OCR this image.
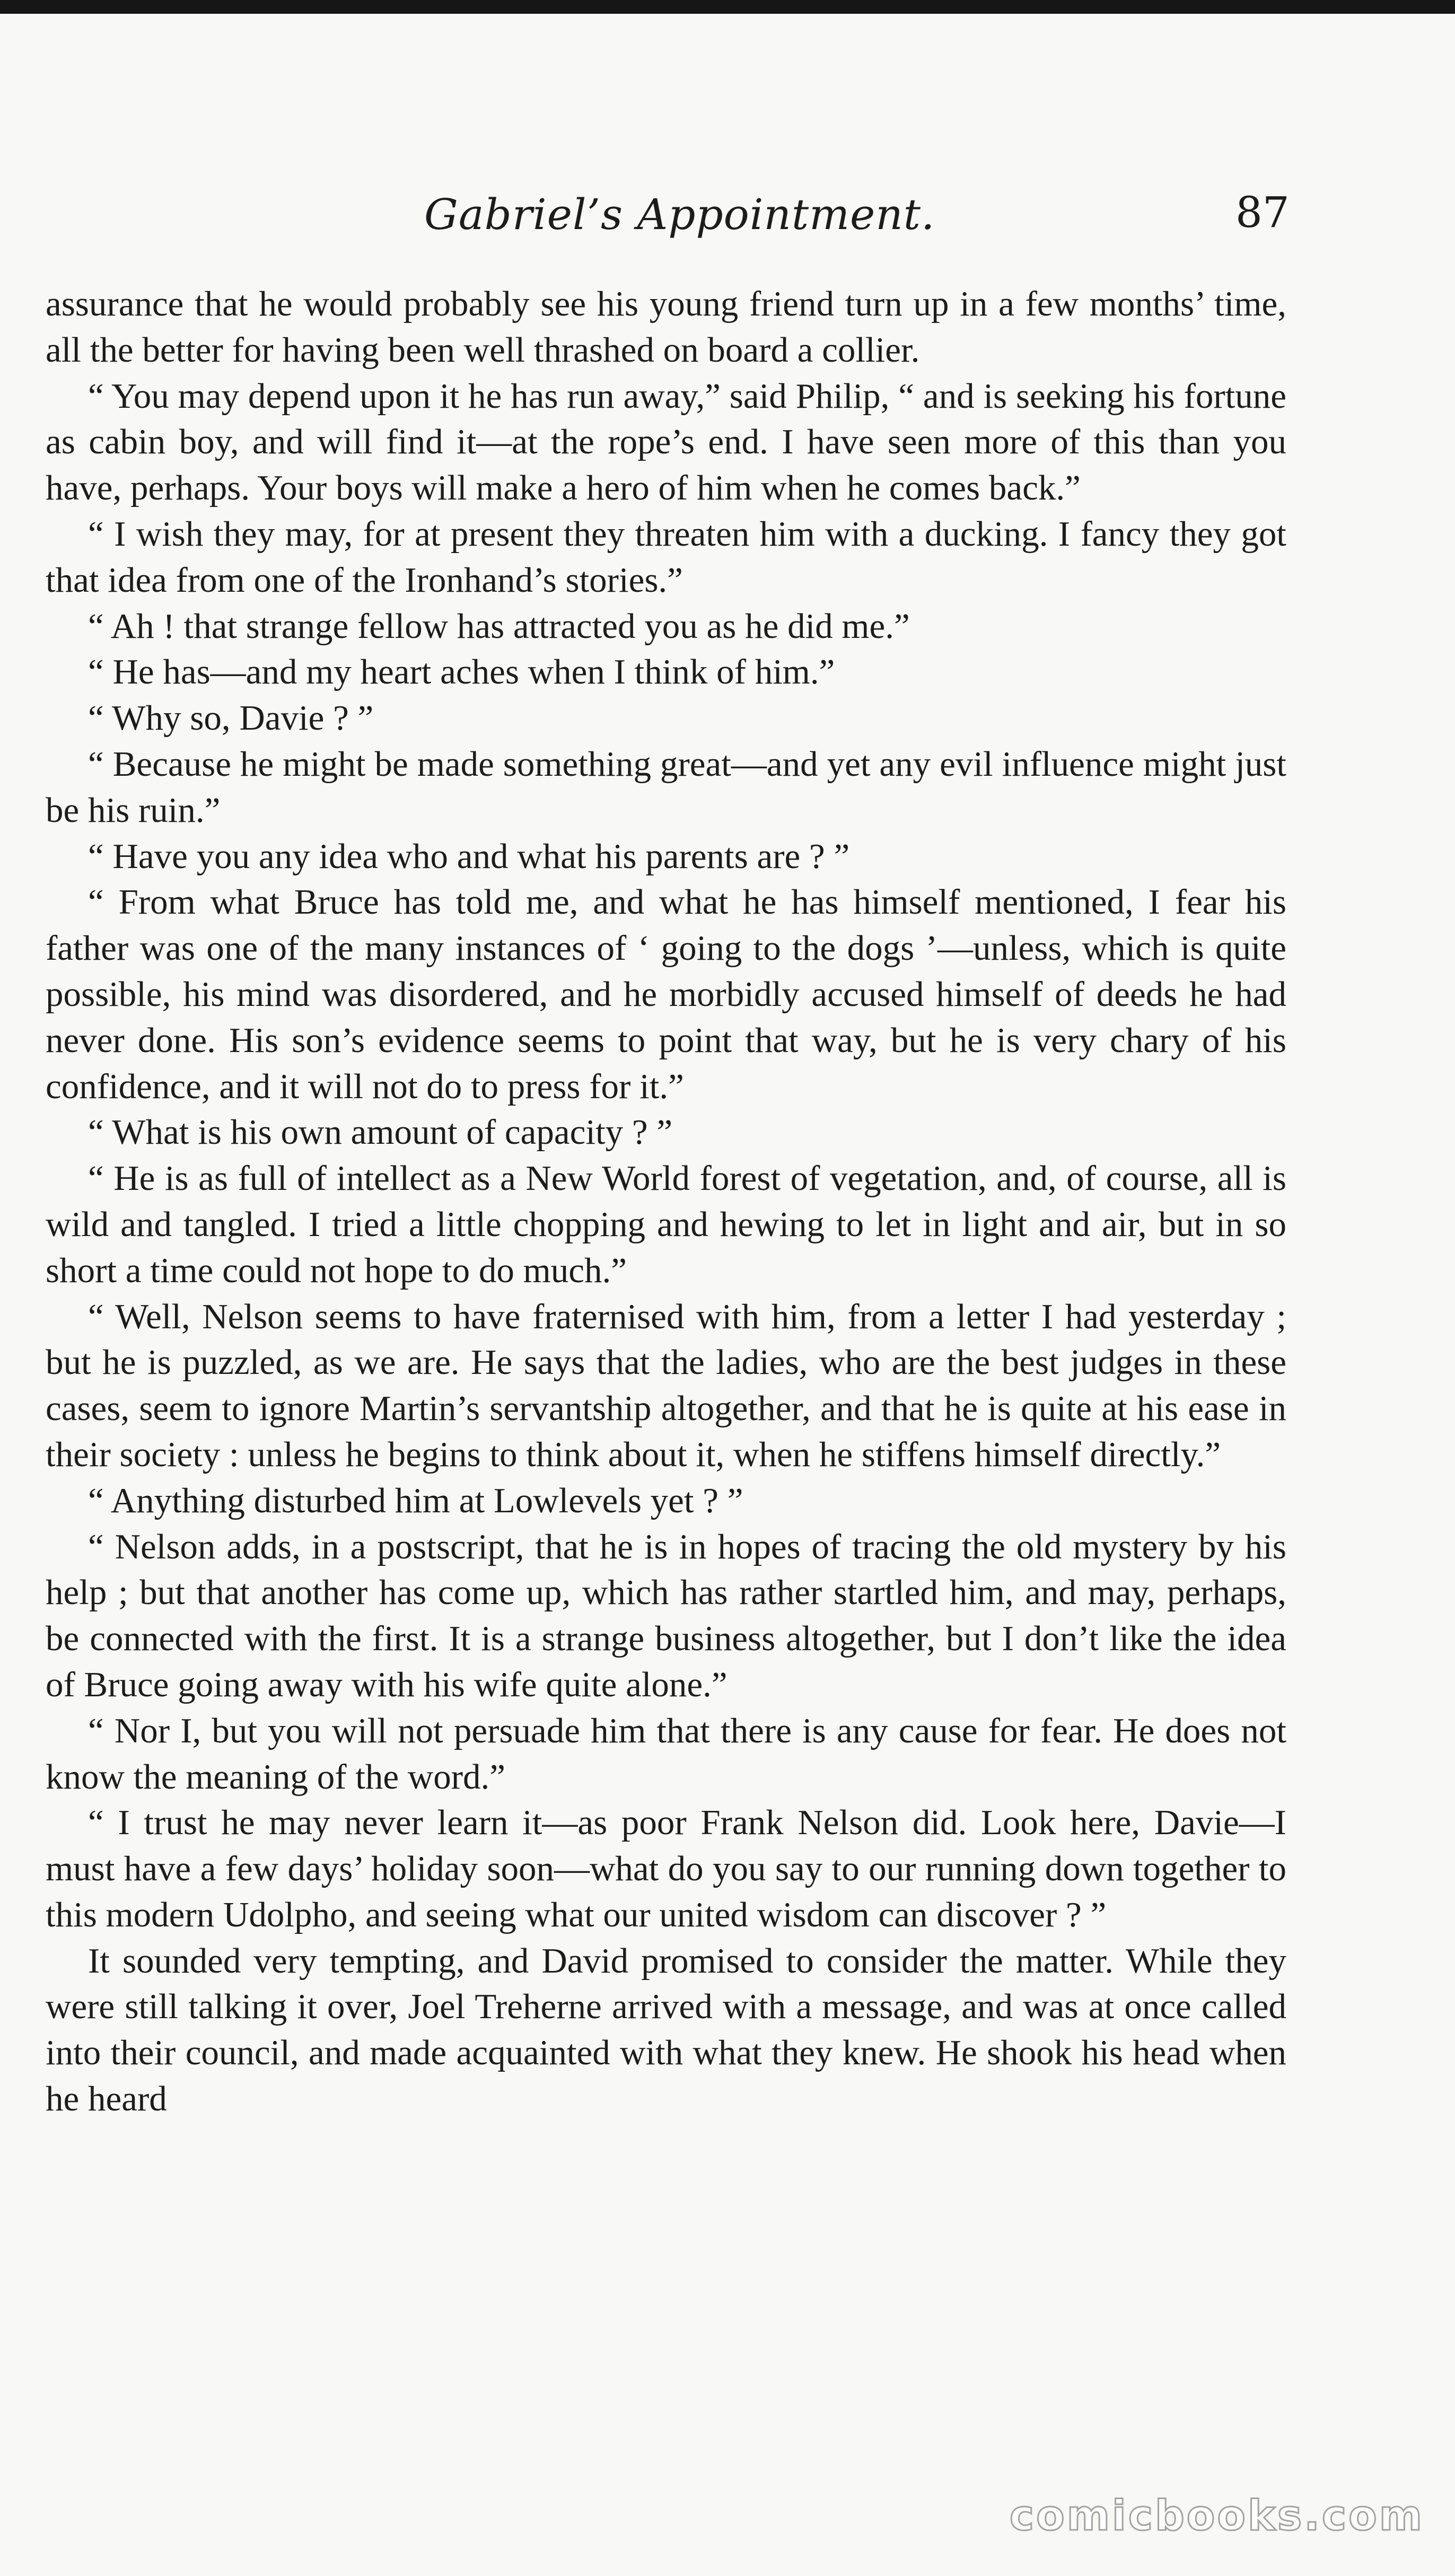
Gabriel’s Appointment.	87

assurance that he would probably see his young friend turn up in a few months’ time, all the better for having been well thrashed on board a collier.

“ You may depend upon it he has run away,” said Philip, “ and is seeking his fortune as cabin boy, and will find it—at the rope’s end. I have seen more of this than you have, perhaps. Your boys will make a hero of him when he comes back.”

“ I wish they may, for at present they threaten him with a ducking. I fancy they got that idea from one of the Ironhand’s stories.”

“ Ah ! that strange fellow has attracted you as he did me.”

“ He has—and my heart aches when I think of him.”

“ Why so, Davie ? ”

“ Because he might be made something great—and yet any evil influence might just be his ruin.”

“ Have you any idea who and what his parents are ? ”

“ From what Bruce has told me, and what he has himself mentioned, I fear his father was one of the many instances of ‘ going to the dogs ’—unless, which is quite possible, his mind was disordered, and he morbidly accused himself of deeds he had never done. His son’s evidence seems to point that way, but he is very chary of his confidence, and it will not do to press for it.”

“ What is his own amount of capacity ? ”

“ He is as full of intellect as a New World forest of vegetation, and, of course, all is wild and tangled. I tried a little chopping and hewing to let in light and air, but in so short a time could not hope to do much.”

“ Well, Nelson seems to have fraternised with him, from a letter I had yesterday ; but he is puzzled, as we are. He says that the ladies, who are the best judges in these cases, seem to ignore Martin’s servantship altogether, and that he is quite at his ease in their society : unless he begins to think about it, when he stiffens himself directly.”

“ Anything disturbed him at Lowlevels yet ? ”

“ Nelson adds, in a postscript, that he is in hopes of tracing the old mystery by his help ; but that another has come up, which has rather startled him, and may, perhaps, be connected with the first. It is a strange business altogether, but I don’t like the idea of Bruce going away with his wife quite alone.”

“ Nor I, but you will not persuade him that there is any cause for fear. He does not know the meaning of the word.”

“ I trust he may never learn it—as poor Frank Nelson did. Look here, Davie—I must have a few days’ holiday soon—what do you say to our running down together to this modern Udolpho, and seeing what our united wisdom can discover ? ”

It sounded very tempting, and David promised to consider the matter. While they were still talking it over, Joel Treherne arrived with a message, and was at once called into their council, and made acquainted with what they knew. He shook his head when he heard

comicbooks.com
